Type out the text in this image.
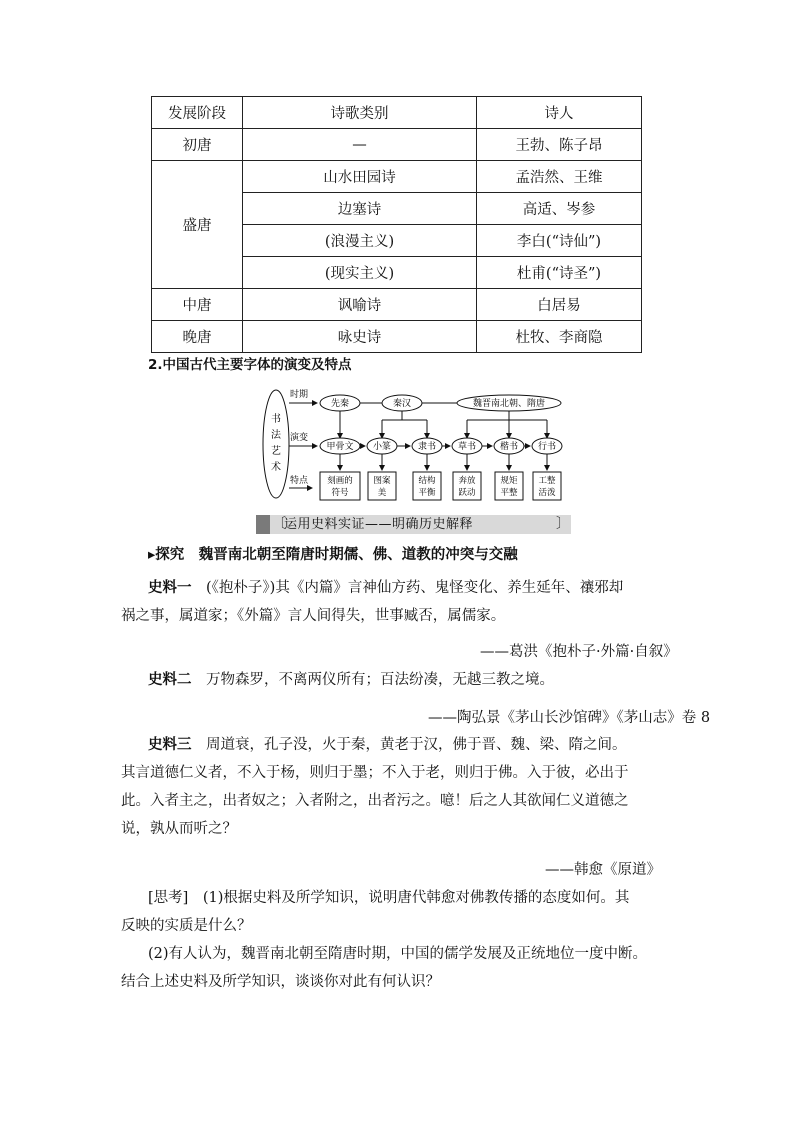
发展阶段	诗歌类别	诗人
初唐	—	王勃、陈子昂
盛唐	山水田园诗	孟浩然、王维
	边塞诗	高适、岑参
	(浪漫主义)	李白(“诗仙”)
	(现实主义)	杜甫(“诗圣”)
中唐	讽喻诗	白居易
晚唐	咏史诗	杜牧、李商隐
2.中国古代主要字体的演变及特点
书
法
艺
术
时期
演变
特点
先秦	秦汉	魏晋南北朝、隋唐
甲骨文 小篆	隶书 草书	楷书 行书
刻画的
符号
图案
美
结构
平衡
奔放
跃动
规矩
平整
工整
活泼
〔
运用史料实证——明确历史解释	〕
▸探究　 魏晋南北朝至隋唐时期儒、佛、道教的冲突与交融
史料一　(《抱朴子》)其《内篇》言神仙方药、鬼怪变化、养生延年、禳邪却
祸之事，属道家；《外篇》言人间得失，世事臧否，属儒家。
——葛洪《抱朴子·外篇·自叙》
史料二　 万物森罗，不离两仪所有；百法纷凑，无越三教之境。
——陶弘景《茅山长沙馆碑》《茅山志》卷 8
史料三　 周道衰，孔子没，火于秦，黄老于汉，佛于晋、魏、梁、隋之间。
其言道德仁义者，不入于杨，则归于墨；不入于老，则归于佛。入于彼，必出于
此。入者主之，出者奴之；入者附之，出者污之。噫！后之人其欲闻仁义道德之
说，孰从而听之？
——韩愈《原道》
[思考]　 (1)根据史料及所学知识，说明唐代韩愈对佛教传播的态度如何。其
反映的实质是什么？
(2)有人认为，魏晋南北朝至隋唐时期，中国的儒学发展及正统地位一度中断。
结合上述史料及所学知识，谈谈你对此有何认识？
